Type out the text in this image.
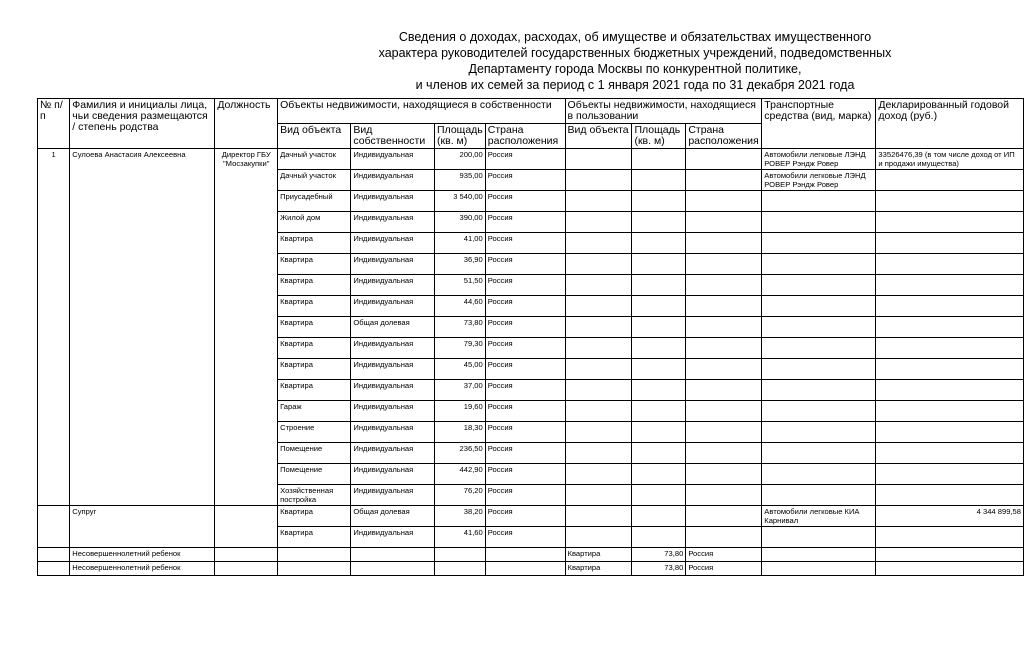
Сведения о доходах, расходах, об имуществе и обязательствах имущественного
характера руководителей государственных бюджетных учреждений, подведомственных
Департаменту города Москвы по конкурентной политике,
и членов их семей за период с 1 января 2021 года по 31 декабря 2021 года
№ п/п	Фамилия и инициалы лица, чьи сведения размещаются / степень родства	Должность	Объекты недвижимости, находящиеся в собственности				Объекты недвижимости, находящиеся в пользовании			Транспортные средства (вид, марка)	Декларированный годовой доход (руб.)
			Вид объекта	Вид собственности	Площадь (кв. м)	Страна расположения	Вид объекта	Площадь (кв. м)	Страна расположения		
1	Сулоева Анастасия Алексеевна	Директор ГБУ "Мосзакупки"	Дачный участок	Индивидуальная	200,00	Россия				Автомобили легковые ЛЭНД РОВЕР Рэндж Ровер	33526476,39 (в том числе доход от ИП и продажи имущества)
			Дачный участок	Индивидуальная	935,00	Россия				Автомобили легковые ЛЭНД РОВЕР Рэндж Ровер	
			Приусадебный	Индивидуальная	3 540,00	Россия					
			Жилой дом	Индивидуальная	390,00	Россия					
			Квартира	Индивидуальная	41,00	Россия					
			Квартира	Индивидуальная	36,90	Россия					
			Квартира	Индивидуальная	51,50	Россия					
			Квартира	Индивидуальная	44,60	Россия					
			Квартира	Общая долевая	73,80	Россия					
			Квартира	Индивидуальная	79,30	Россия					
			Квартира	Индивидуальная	45,00	Россия					
			Квартира	Индивидуальная	37,00	Россия					
			Гараж	Индивидуальная	19,60	Россия					
			Строение	Индивидуальная	18,30	Россия					
			Помещение	Индивидуальная	236,50	Россия					
			Помещение	Индивидуальная	442,90	Россия					
			Хозяйственная постройка	Индивидуальная	76,20	Россия					
	Супруг		Квартира	Общая долевая	38,20	Россия				Автомобили легковые КИА Карнивал	4 344 899,58
			Квартира	Индивидуальная	41,60	Россия					
	Несовершеннолетний ребенок						Квартира	73,80	Россия		
	Несовершеннолетний ребенок						Квартира	73,80	Россия		
